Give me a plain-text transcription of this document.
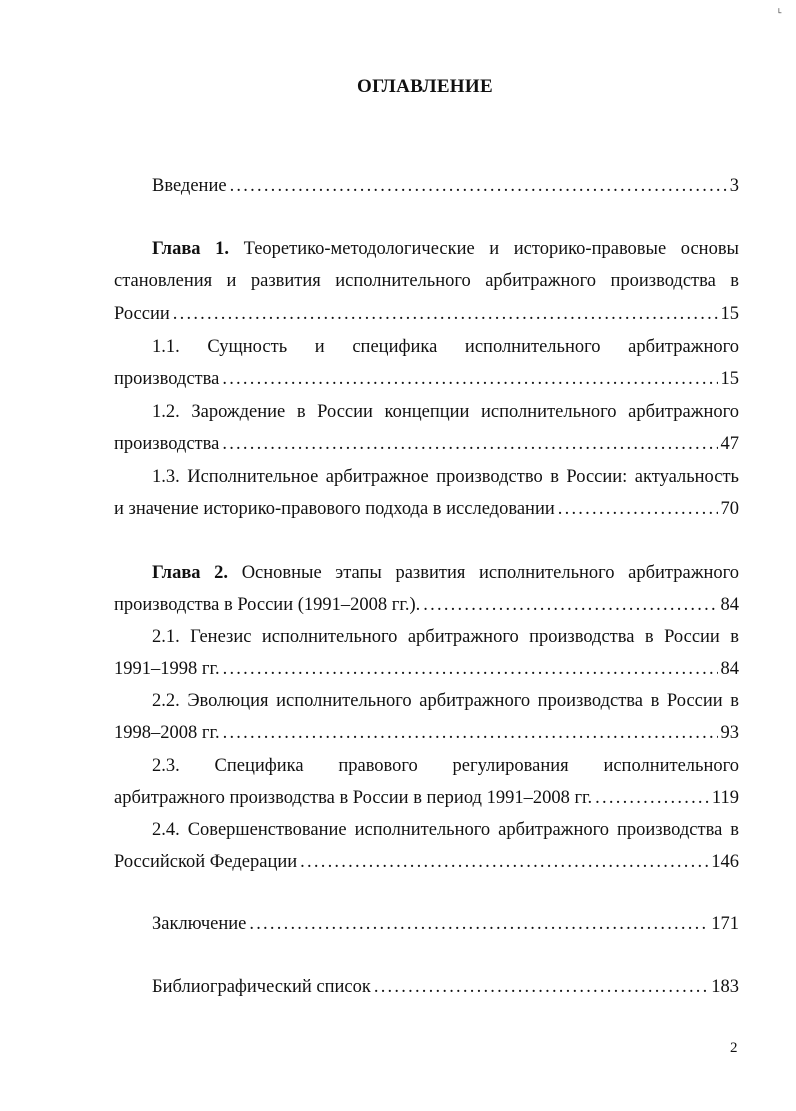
˪
ОГЛАВЛЕНИЕ
Введение . . .	3
Глава 1. Теоретико-методологические и историко-правовые основы
становления и развития исполнительного арбитражного производства в
России . . .	15
1.1. Сущность и специфика исполнительного арбитражного
производства . . .	15
1.2. Зарождение в России концепции исполнительного арбитражного
производства . . .	47
1.3. Исполнительное арбитражное производство в России: актуальность
и значение историко-правового подхода в исследовании . . .	70
Глава 2. Основные этапы развития исполнительного арбитражного
производства в России (1991–2008 гг.). . . .	84
2.1. Генезис исполнительного арбитражного производства в России в
1991–1998 гг. . . .	84
2.2. Эволюция исполнительного арбитражного производства в России в
1998–2008 гг. . . .	93
2.3. Специфика правового регулирования исполнительного
арбитражного производства в России в период 1991–2008 гг. . . .	119
2.4. Совершенствование исполнительного арбитражного производства в
Российской Федерации . . .	146
Заключение . . .	171
Библиографический список . . .	183
2
